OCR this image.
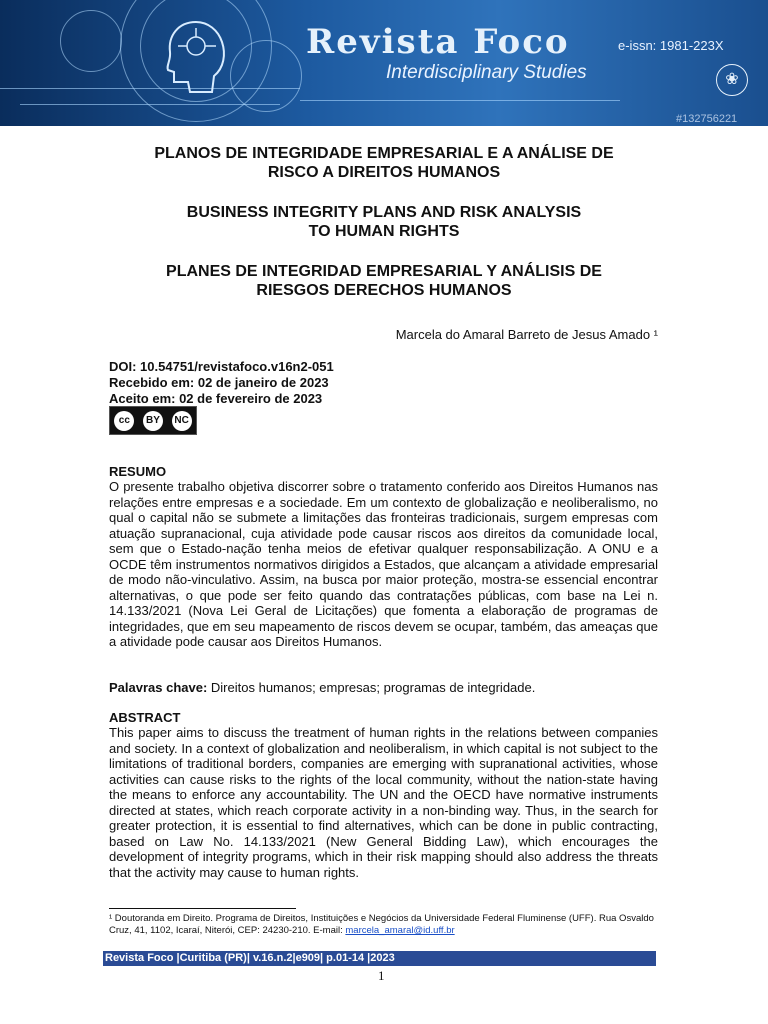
Revista Foco
Interdisciplinary Studies
e-issn: 1981-223X
❀
#132756221
PLANOS DE INTEGRIDADE EMPRESARIAL E A ANÁLISE DE
RISCO A DIREITOS HUMANOS
BUSINESS INTEGRITY PLANS AND RISK ANALYSIS
TO HUMAN RIGHTS
PLANES DE INTEGRIDAD EMPRESARIAL Y ANÁLISIS DE
RIESGOS DERECHOS HUMANOS
Marcela do Amaral Barreto de Jesus Amado ¹
DOI: 10.54751/revistafoco.v16n2-051
Recebido em: 02 de janeiro de 2023
Aceito em: 02 de fevereiro de 2023
cc	BY	NC
RESUMO

O presente trabalho objetiva discorrer sobre o tratamento conferido aos Direitos Humanos nas relações entre empresas e a sociedade. Em um contexto de globalização e neoliberalismo, no qual o capital não se submete a limitações das fronteiras tradicionais, surgem empresas com atuação supranacional, cuja atividade pode causar riscos aos direitos da comunidade local, sem que o Estado-nação tenha meios de efetivar qualquer responsabilização. A ONU e a OCDE têm instrumentos normativos dirigidos a Estados, que alcançam a atividade empresarial de modo não-vinculativo. Assim, na busca por maior proteção, mostra-se essencial encontrar alternativas, o que pode ser feito quando das contratações públicas, com base na Lei n. 14.133/2021 (Nova Lei Geral de Licitações) que fomenta a elaboração de programas de integridades, que em seu mapeamento de riscos devem se ocupar, também, das ameaças que a atividade pode causar aos Direitos Humanos.

Palavras chave: Direitos humanos; empresas; programas de integridade.
ABSTRACT

This paper aims to discuss the treatment of human rights in the relations between companies and society. In a context of globalization and neoliberalism, in which capital is not subject to the limitations of traditional borders, companies are emerging with supranational activities, whose activities can cause risks to the rights of the local community, without the nation-state having the means to enforce any accountability. The UN and the OECD have normative instruments directed at states, which reach corporate activity in a non-binding way. Thus, in the search for greater protection, it is essential to find alternatives, which can be done in public contracting, based on Law No. 14.133/2021 (New General Bidding Law), which encourages the development of integrity programs, which in their risk mapping should also address the threats that the activity may cause to human rights.

¹ Doutoranda em Direito. Programa de Direitos, Instituições e Negócios da Universidade Federal Fluminense (UFF). Rua Osvaldo Cruz, 41, 1102, Icaraí, Niterói, CEP: 24230-210. E-mail: marcela_amaral@id.uff.br
Revista Foco |Curitiba (PR)| v.16.n.2|e909| p.01-14 |2023
1
